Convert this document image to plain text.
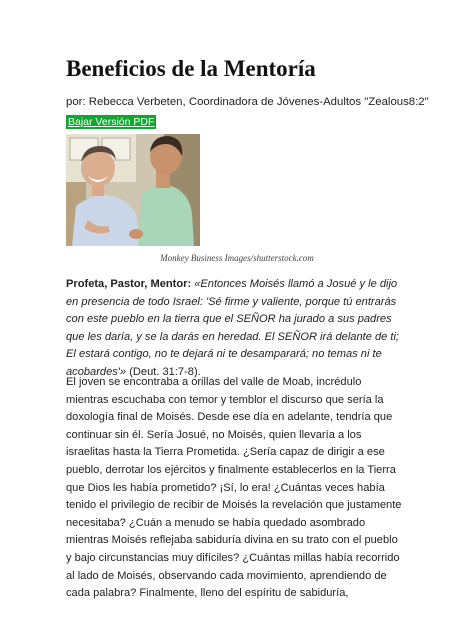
Beneficios de la Mentoría
por: Rebecca Verbeten, Coordinadora de Jóvenes-Adultos "Zealous8:2"
Bajar Versión PDF
Monkey Business Images/shutterstock.com

Profeta, Pastor, Mentor: «Entonces Moisés llamó a Josué y le dijo en presencia de todo Israel: 'Sé firme y valiente, porque tú entrarás con este pueblo en la tierra que el SEÑOR ha jurado a sus padres que les daría, y se la darás en heredad. El SEÑOR irá delante de ti; El estará contigo, no te dejará ni te desamparará; no temas ni te acobardes'» (Deut. 31:7-8).

El joven se encontraba a orillas del valle de Moab, incrédulo mientras escuchaba con temor y temblor el discurso que sería la doxología final de Moisés. Desde ese día en adelante, tendría que continuar sin él. Sería Josué, no Moisés, quien llevaría a los israelitas hasta la Tierra Prometida. ¿Sería capaz de dirigir a ese pueblo, derrotar los ejércitos y finalmente establecerlos en la Tierra que Dios les había prometido? ¡Sí, lo era! ¿Cuántas veces había tenido el privilegio de recibir de Moisés la revelación que justamente necesitaba? ¿Cuán a menudo se había quedado asombrado mientras Moisés reflejaba sabiduría divina en su trato con el pueblo y bajo circunstancias muy difíciles? ¿Cuántas millas había recorrido al lado de Moisés, observando cada movimiento, aprendiendo de cada palabra? Finalmente, lleno del espíritu de sabiduría,
